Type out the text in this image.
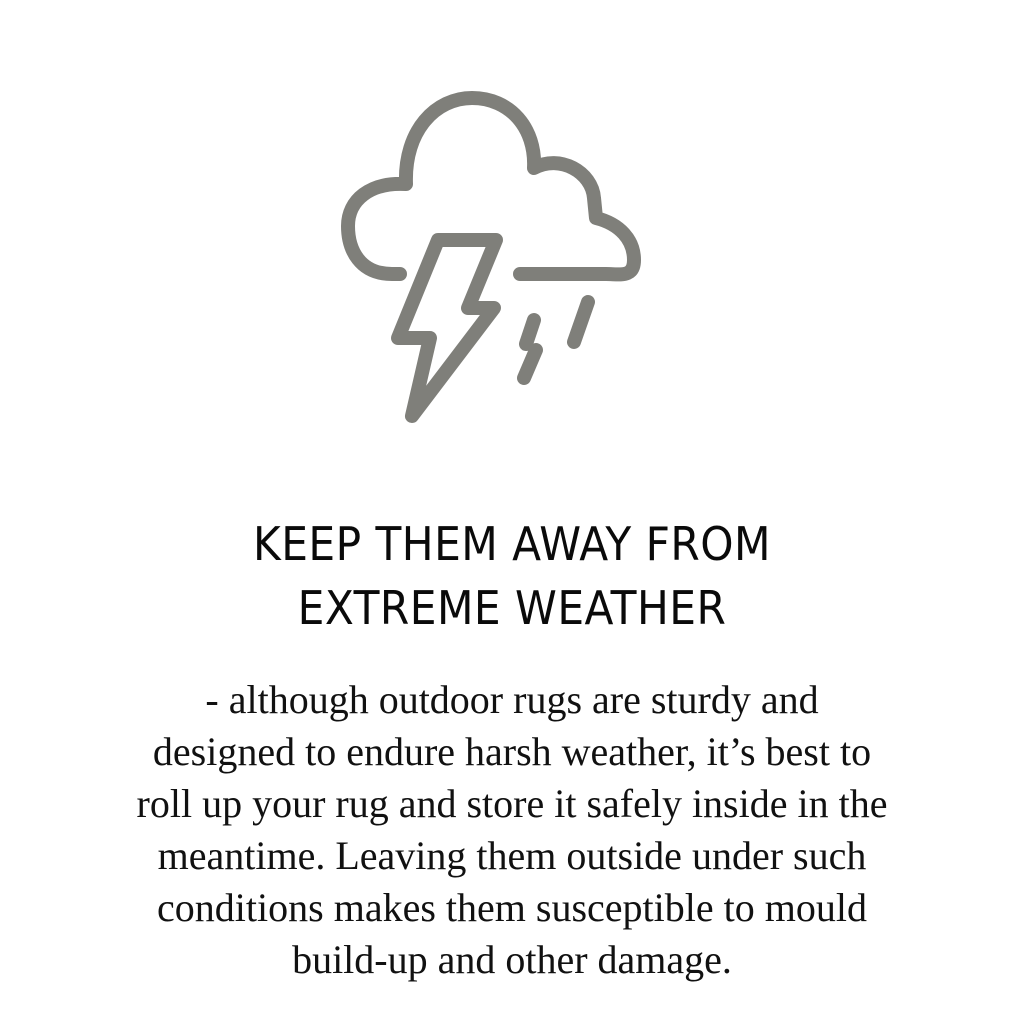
KEEP THEM AWAY FROM
EXTREME WEATHER

- although outdoor rugs are sturdy and
designed to endure harsh weather, it’s best to
roll up your rug and store it safely inside in the
meantime. Leaving them outside under such
conditions makes them susceptible to mould
build-up and other damage.
